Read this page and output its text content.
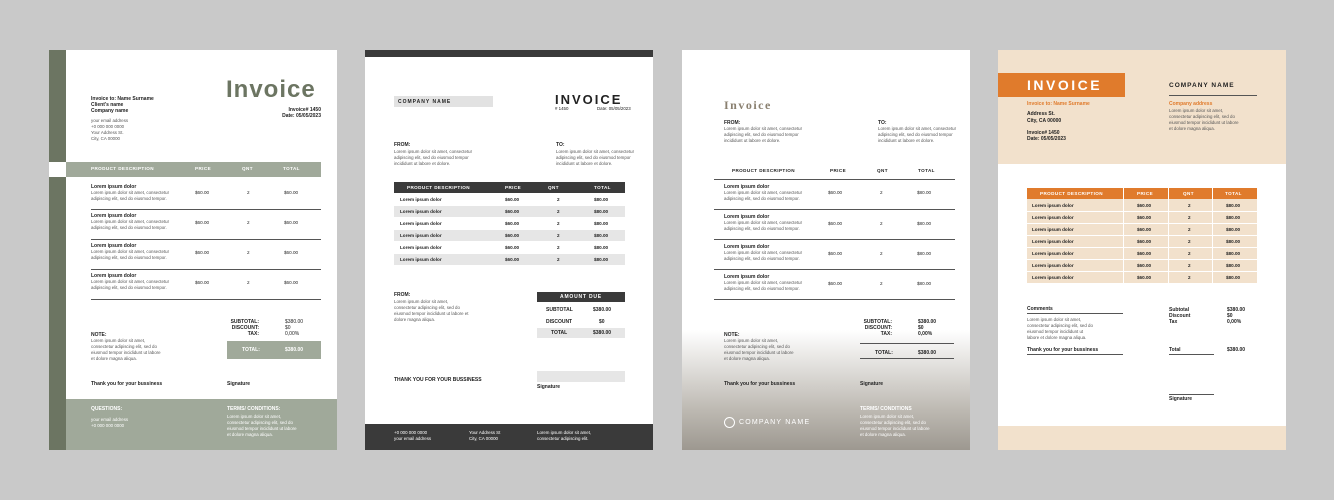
Invoice
Invoice to: Name Surname
Client's name
Company name
your email address
+0 000 000 0000
Your Address St.
City, CA 00000
Invoice# 1450
Date: 05/05/2023
PRODUCT DESCRIPTION	PRICE	QNT	TOTAL
Lorem ipsum dolor
Lorem ipsum dolor sit amet, consectetur
adipiscing elit, sed do eiusmod tempor.
$60.00	2	$60.00
Lorem ipsum dolor
Lorem ipsum dolor sit amet, consectetur
adipiscing elit, sed do eiusmod tempor.
$60.00	2	$60.00
Lorem ipsum dolor
Lorem ipsum dolor sit amet, consectetur
adipiscing elit, sed do eiusmod tempor.
$60.00	2	$60.00
Lorem ipsum dolor
Lorem ipsum dolor sit amet, consectetur
adipiscing elit, sed do eiusmod tempor.
$60.00	2	$60.00
SUBTOTAL:	$380.00
DISCOUNT:	$0
TAX:	0,00%
TOTAL:	$380.00
NOTE:
Lorem ipsum dolor sit amet,
consectetur adipiscing elit, sed do
eiusmod tempor incididunt ut labore
et dolore magna aliqua.
Thank you for your bussiness	Signature
QUESTIONS:
your email address
+0 000 000 0000
TERMS/ CONDITIONS:
Lorem ipsum dolor sit amet,
consectetur adipiscing elit, sed do
eiusmod tempor incididunt ut labore
et dolore magna aliqua.
COMPANY NAME	INVOICE
# 1450	Date: 05/05/2023
FROM:
Lorem ipsum dolor sit amet, consectetur
adipiscing elit, sed do eiusmod tempor
incididunt ut labore et dolore.
TO:
Lorem ipsum dolor sit amet, consectetur
adipiscing elit, sed do eiusmod tempor
incididunt ut labore et dolore.
PRODUCT DESCRIPTION	PRICE	QNT	TOTAL
Lorem ipsum dolor	$60.00	2	$80.00
Lorem ipsum dolor	$60.00	2	$80.00
Lorem ipsum dolor	$60.00	2	$80.00
Lorem ipsum dolor	$60.00	2	$80.00
Lorem ipsum dolor	$60.00	2	$80.00
Lorem ipsum dolor	$60.00	2	$80.00
FROM:
Lorem ipsum dolor sit amet,
consectetur adipiscing elit, sed do
eiusmod tempor incididunt ut labore et
dolore magna aliqua.
AMOUNT DUE
SUBTOTAL	$380.00
DISCOUNT	$0
TOTAL	$380.00
THANK YOU FOR YOUR BUSSINESS
Signature
+0 000 000 0000
your email address
Your Address St
City, CA 00000
Lorem ipsum dolor sit amet,
consectetur adipiscing elit.
Invoice
FROM:
Lorem ipsum dolor sit amet, consectetur
adipiscing elit, sed do eiusmod tempor
incididunt ut labore et dolore.
TO:
Lorem ipsum dolor sit amet, consectetur
adipiscing elit, sed do eiusmod tempor
incididunt ut labore et dolore.
PRODUCT DESCRIPTION	PRICE	QNT	TOTAL
Lorem ipsum dolor
Lorem ipsum dolor sit amet, consectetur
adipiscing elit, sed do eiusmod tempor.
$60.00	2	$80.00
Lorem ipsum dolor
Lorem ipsum dolor sit amet, consectetur
adipiscing elit, sed do eiusmod tempor.
$60.00	2	$80.00
Lorem ipsum dolor
Lorem ipsum dolor sit amet, consectetur
adipiscing elit, sed do eiusmod tempor.
$60.00	2	$80.00
Lorem ipsum dolor
Lorem ipsum dolor sit amet, consectetur
adipiscing elit, sed do eiusmod tempor.
$60.00	2	$80.00
SUBTOTAL:	$380.00
DISCOUNT:	$0
TAX:	0,00%
TOTAL:	$380.00
NOTE:
Lorem ipsum dolor sit amet,
consectetur adipiscing elit, sed do
eiusmod tempor incididunt ut labore
et dolore magna aliqua.
Thank you for your bussiness	Signature
COMPANY NAME
TERMS/ CONDITIONS
Lorem ipsum dolor sit amet,
consectetur adipiscing elit, sed do
eiusmod tempor incididunt ut labore
et dolore magna aliqua.
INVOICE	COMPANY NAME
Invoice to: Name Surname
Address St.
City, CA 00000
Invoice# 1450
Date: 05/05/2023
Company address
Lorem ipsum dolor sit amet,
consectetur adipiscing elit, sed do
eiusmod tempor incididunt ut labore
et dolore magna aliqua.
PRODUCT DESCRIPTION	PRICE	QNT	TOTAL
Lorem ipsum dolor	$60.00	2	$80.00
Lorem ipsum dolor	$60.00	2	$80.00
Lorem ipsum dolor	$60.00	2	$80.00
Lorem ipsum dolor	$60.00	2	$80.00
Lorem ipsum dolor	$60.00	2	$80.00
Lorem ipsum dolor	$60.00	2	$80.00
Lorem ipsum dolor	$60.00	2	$80.00
Comments
Lorem ipsum dolor sit amet,
consectetur adipiscing elit, sed do
eiusmod tempor incididunt ut
labore et dolore magna aliqua.
Subtotal	$380.00
Discount	$0
Tax	0,00%
Thank you for your bussiness	Total	$380.00
Signature
